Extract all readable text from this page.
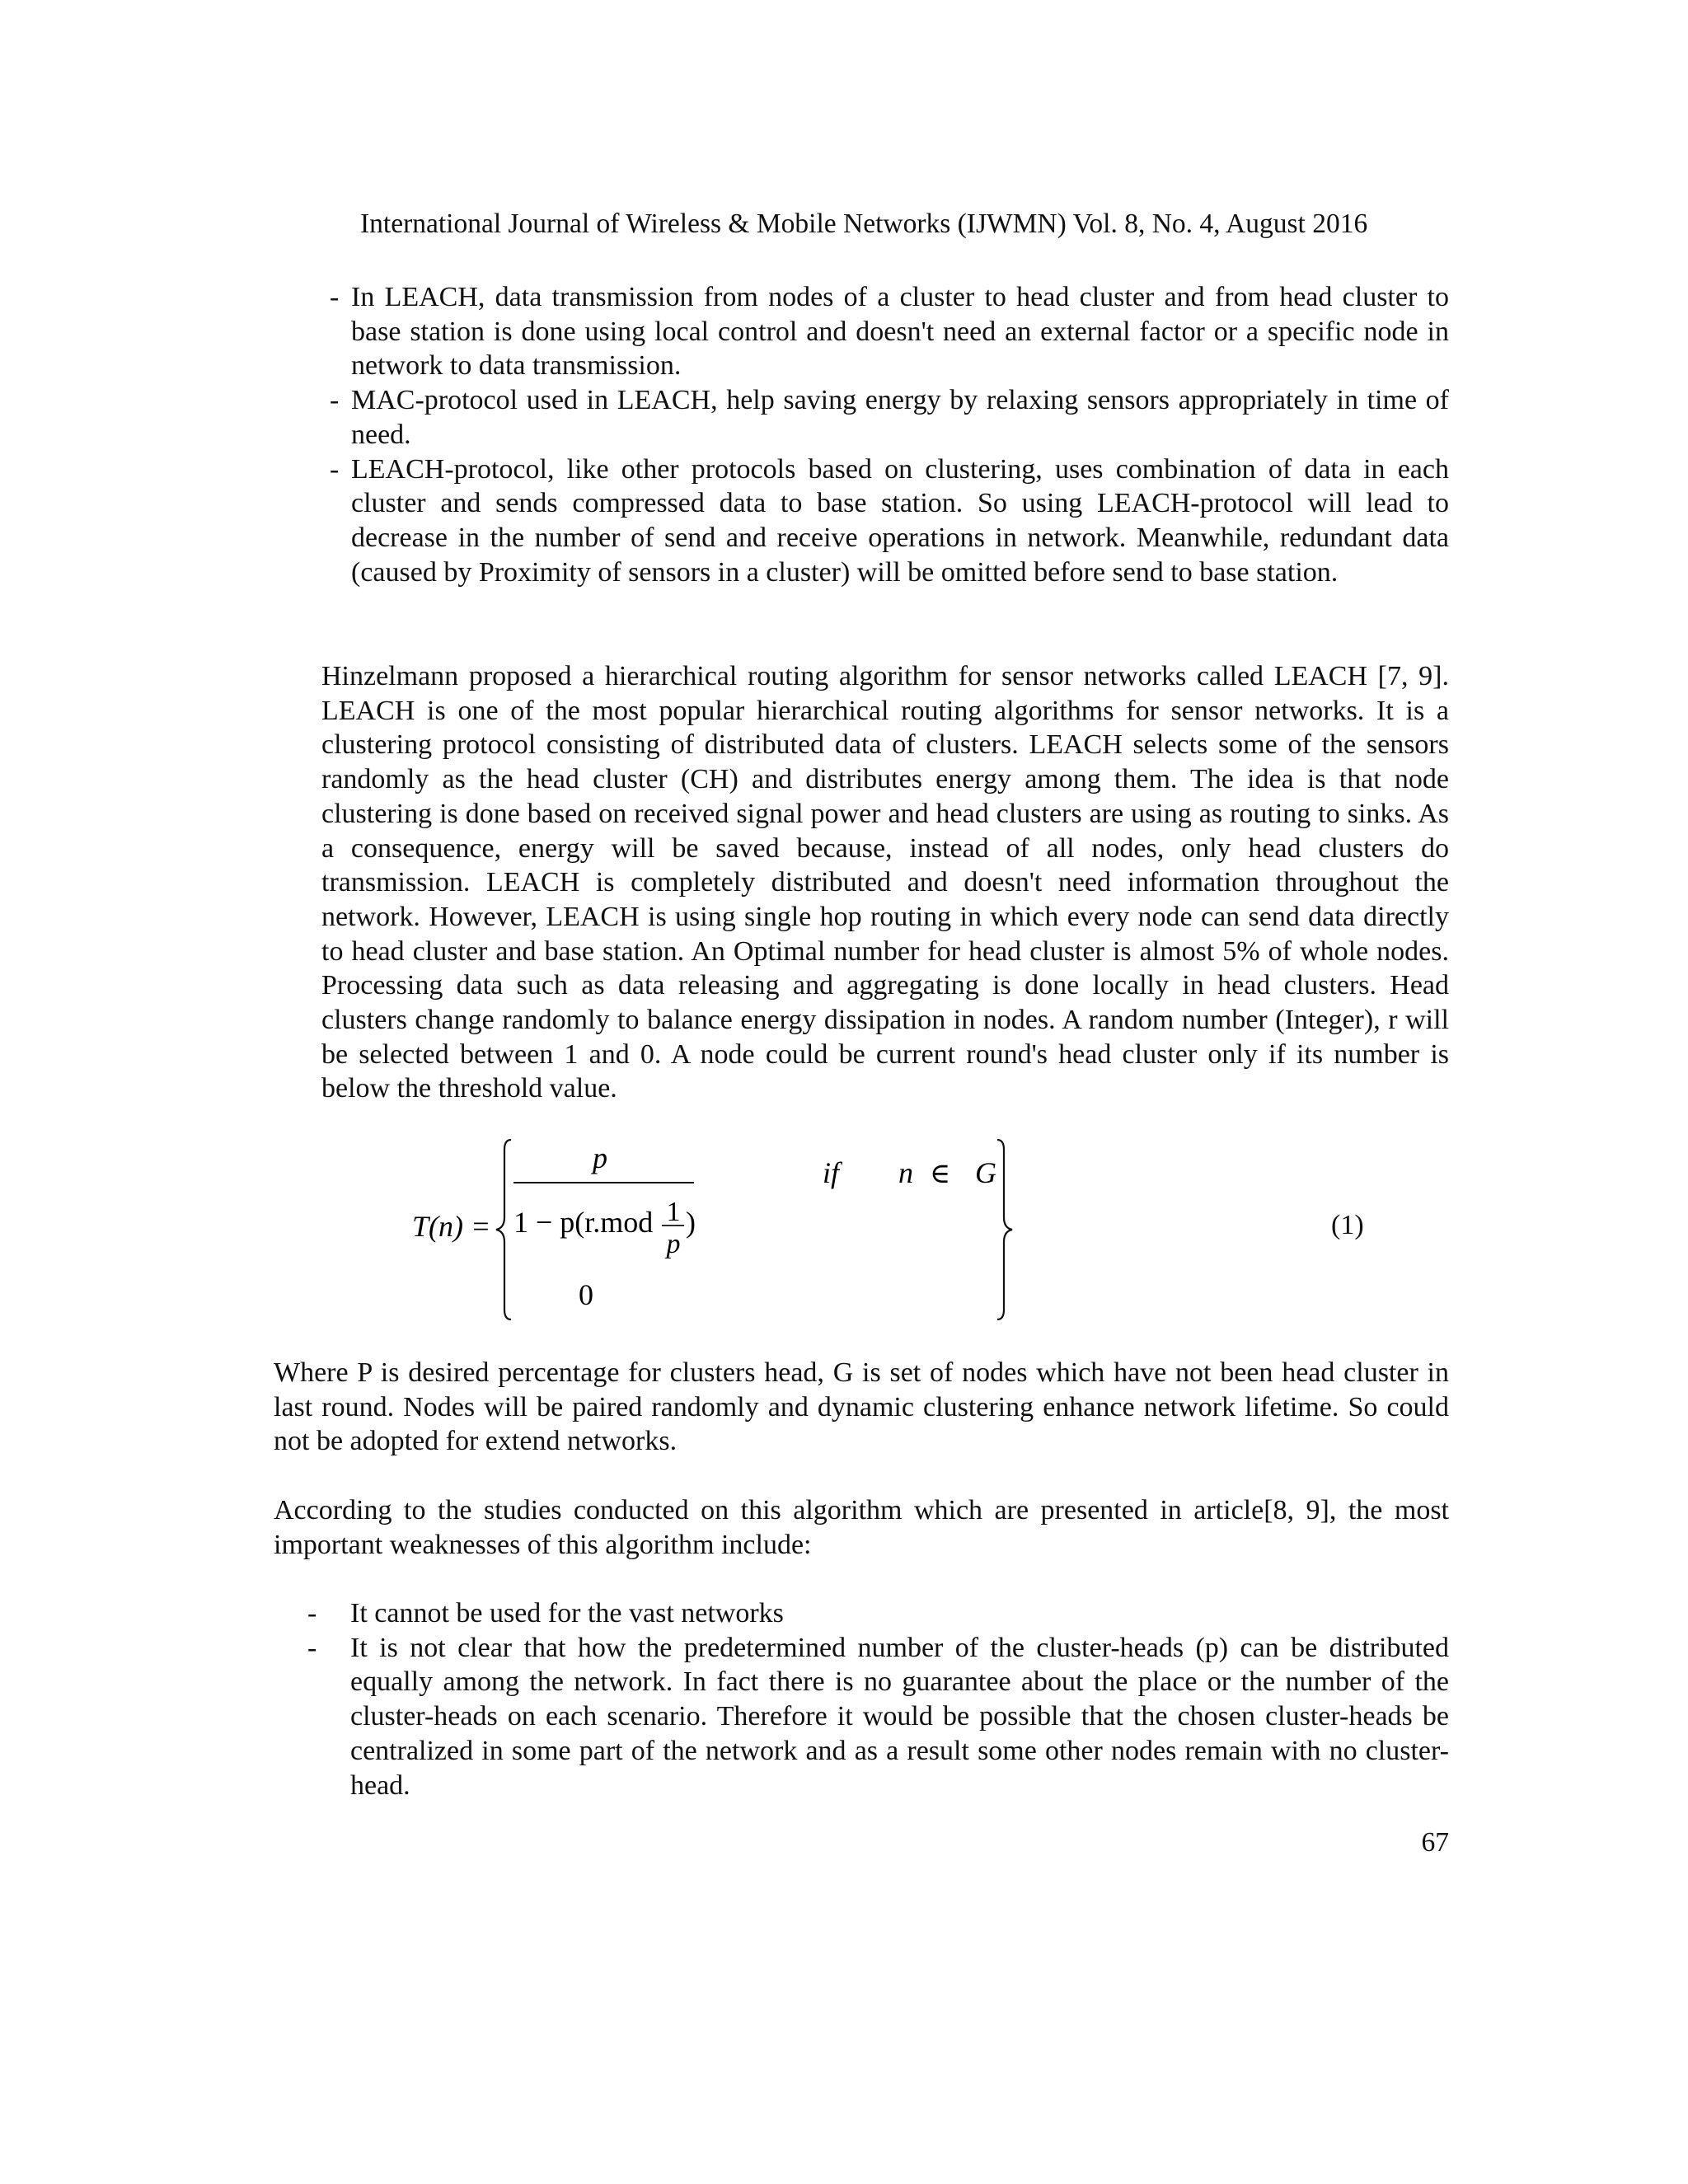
International Journal of Wireless & Mobile Networks (IJWMN) Vol. 8, No. 4, August 2016
- In LEACH, data transmission from nodes of a cluster to head cluster and from head cluster to base station is done using local control and doesn't need an external factor or a specific node in network to data transmission.
- MAC-protocol used in LEACH, help saving energy by relaxing sensors appropriately in time of need.
- LEACH-protocol, like other protocols based on clustering, uses combination of data in each cluster and sends compressed data to base station. So using LEACH-protocol will lead to decrease in the number of send and receive operations in network. Meanwhile, redundant data (caused by Proximity of sensors in a cluster) will be omitted before send to base station.

Hinzelmann proposed a hierarchical routing algorithm for sensor networks called LEACH [7, 9]. LEACH is one of the most popular hierarchical routing algorithms for sensor networks. It is a clustering protocol consisting of distributed data of clusters. LEACH selects some of the sensors randomly as the head cluster (CH) and distributes energy among them. The idea is that node clustering is done based on received signal power and head clusters are using as routing to sinks. As a consequence, energy will be saved because, instead of all nodes, only head clusters do transmission. LEACH is completely distributed and doesn't need information throughout the network. However, LEACH is using single hop routing in which every node can send data directly to head cluster and base station. An Optimal number for head cluster is almost 5% of whole nodes. Processing data such as data releasing and aggregating is done locally in head clusters. Head clusters change randomly to balance energy dissipation in nodes. A random number (Integer), r will be selected between 1 and 0. A node could be current round's head cluster only if its number is below the threshold value.

T(n) =
p
1 − p(r.mod 1
p
)
if n ∈ G
0
(1)

Where P is desired percentage for clusters head, G is set of nodes which have not been head cluster in last round. Nodes will be paired randomly and dynamic clustering enhance network lifetime. So could not be adopted for extend networks.

According to the studies conducted on this algorithm which are presented in article[8, 9], the most important weaknesses of this algorithm include:

- It cannot be used for the vast networks
- It is not clear that how the predetermined number of the cluster-heads (p) can be distributed equally among the network. In fact there is no guarantee about the place or the number of the cluster-heads on each scenario. Therefore it would be possible that the chosen cluster-heads be centralized in some part of the network and as a result some other nodes remain with no cluster-head.
67
